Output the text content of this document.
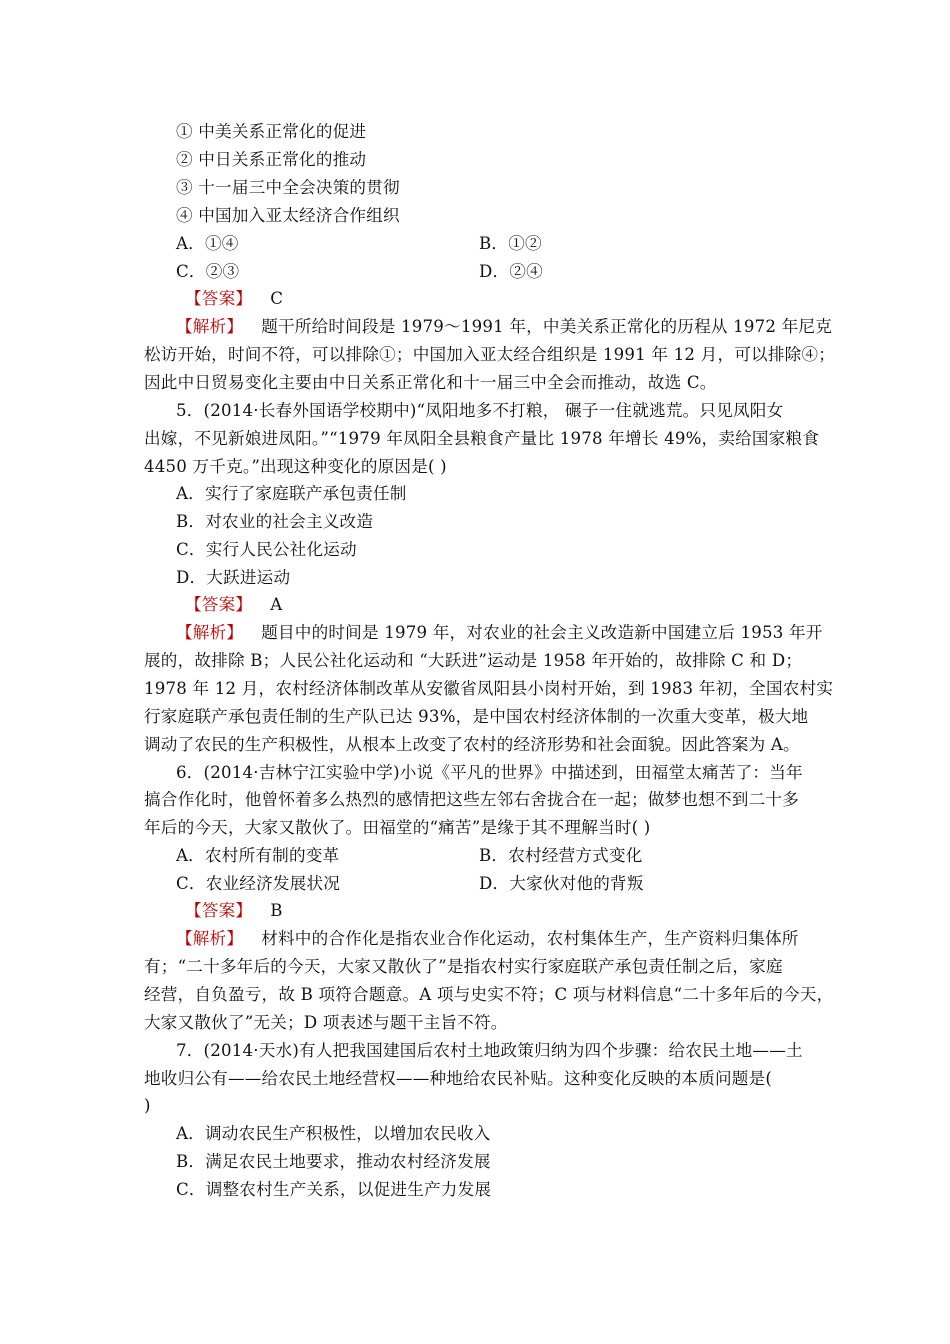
① 中美关系正常化的促进

② 中日关系正常化的推动

③ 十一届三中全会决策的贯彻

④ 中国加入亚太经济合作组织

A．①④	B．①②

C．②③	D．②④

【答案】 C

【解析】 题干所给时间段是 1979～1991 年，中美关系正常化的历程从 1972 年尼克

松访开始，时间不符，可以排除①；中国加入亚太经合组织是 1991 年 12 月，可以排除④；

因此中日贸易变化主要由中日关系正常化和十一届三中全会而推动，故选 C。

5．(2014·长春外国语学校期中)“凤阳地多不打粮， 碾子一住就逃荒。只见凤阳女

出嫁，不见新娘进凤阳。”“1979 年凤阳全县粮食产量比 1978 年增长 49%，卖给国家粮食

4450 万千克。”出现这种变化的原因是( )

A．实行了家庭联产承包责任制

B．对农业的社会主义改造

C．实行人民公社化运动

D．大跃进运动

【答案】 A

【解析】 题目中的时间是 1979 年，对农业的社会主义改造新中国建立后 1953 年开

展的，故排除 B；人民公社化运动和 “大跃进”运动是 1958 年开始的，故排除 C 和 D；

1978 年 12 月，农村经济体制改革从安徽省凤阳县小岗村开始，到 1983 年初，全国农村实

行家庭联产承包责任制的生产队已达 93%，是中国农村经济体制的一次重大变革，极大地

调动了农民的生产积极性，从根本上改变了农村的经济形势和社会面貌。因此答案为 A。

6．(2014·吉林宁江实验中学)小说《平凡的世界》中描述到，田福堂太痛苦了：当年

搞合作化时，他曾怀着多么热烈的感情把这些左邻右舍拢合在一起；做梦也想不到二十多

年后的今天，大家又散伙了。田福堂的“痛苦”是缘于其不理解当时( )

A．农村所有制的变革	B．农村经营方式变化

C．农业经济发展状况	D．大家伙对他的背叛

【答案】 B

【解析】 材料中的合作化是指农业合作化运动，农村集体生产，生产资料归集体所

有；“二十多年后的今天，大家又散伙了”是指农村实行家庭联产承包责任制之后，家庭

经营，自负盈亏，故 B 项符合题意。A 项与史实不符；C 项与材料信息“二十多年后的今天，

大家又散伙了”无关；D 项表述与题干主旨不符。

7．(2014·天水)有人把我国建国后农村土地政策归纳为四个步骤：给农民土地——土

地收归公有——给农民土地经营权——种地给农民补贴。这种变化反映的本质问题是(

)

A．调动农民生产积极性，以增加农民收入

B．满足农民土地要求，推动农村经济发展

C．调整农村生产关系，以促进生产力发展
